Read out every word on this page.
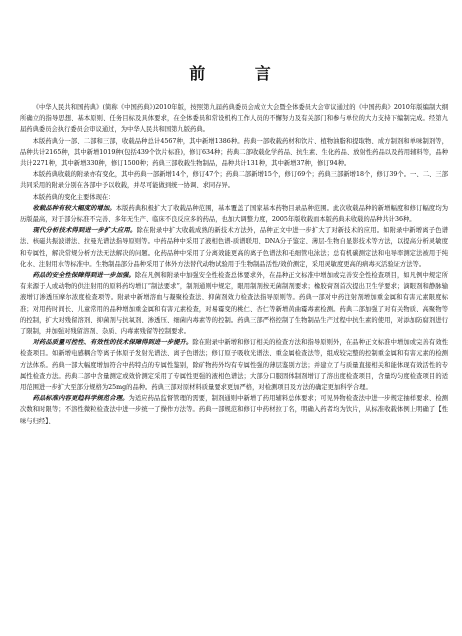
前 言

《中华人民共和国药典》(简称《中国药典》)2010年版，按照第九届药典委员会成立大会暨全体委员大会审议通过的《中国药典》2010年版编制大纲所确立的指导思想、基本原则、任务目标及具体要求，在全体委员和常设机构工作人员的不懈努力及有关部门和参与单位的大力支持下编制完成。经第九届药典委员会执行委员会审议通过，为中华人民共和国第九版药典。

本版药典分一部、二部和三部，收载品种总计4567种，其中新增1386种。药典一部收载药材和饮片、植物油脂和提取物、成方制剂和单味制剂等，品种共计2165种，其中新增1019种(包括439个饮片标准)，修订634种；药典二部收载化学药品、抗生素、生化药品、放射性药品以及药用辅料等，品种共计2271种，其中新增330种，修订1500种；药典三部收载生物制品，品种共计131种，其中新增37种，修订94种。

本版药典收载的附录亦有变化，其中药典一部新增14个，修订47个；药典二部新增15个，修订69个；药典三部新增18个，修订39个。一、二、三部共同采用的附录分别在各部中予以收载，并尽可能做到统一协调、求同存异。

本版药典的变化主要体现在：

收载品种有较大幅度的增加。本版药典积极扩大了收载品种范围，基本覆盖了国家基本药物目录品种范围。此次收载品种的新增幅度和修订幅度均为历版最高，对于部分标准不完善、多年无生产、临床不良反应多的药品，也加大调整力度，2005年版收载而本版药典未收载的品种共计36种。

现代分析技术得到进一步扩大应用。除在附录中扩大收载成熟的新技术方法外，品种正文中进一步扩大了对新技术的应用。如附录中新增离子色谱法、核磁共振波谱法、拉曼光谱法指导原则等。中药品种中采用了液相色谱-质谱联用、DNA分子鉴定、薄层-生物自显影技术等方法，以提高分析灵敏度和专属性，解决常规分析方法无法解决的问题。化药品种中采用了分离效能更高的离子色谱法和毛细管电泳法；总有机碳测定法和电导率测定法被用于纯化水、注射用水等标准中。生物制品部分品种采用了体外方法替代动物试验用于生物制品活性/效价测定，采用灵敏度更高的病毒灭活验证方法等。

药品的安全性保障得到进一步加强。除在凡例和附录中加强安全性检查总体要求外，在品种正文标准中增加或完善安全性检查项目，如凡例中规定所有来源于人或动物的供注射用的原料药均增订“制法要求”，制剂通则中规定，眼用制剂按无菌制剂要求；橡胶膏剂首次提出卫生学要求；滴眼剂和静脉输液增订渗透压摩尔浓度检查项等。附录中新增溶血与凝聚检查法、抑菌剂效力检查法指导原则等。药典一部对中药注射剂增加重金属和有害元素限度标准；对用药时间长、儿童常用的品种增加重金属和有害元素检查，对易霉变的桃仁、杏仁等新增黄曲霉毒素检测。药典二部加强了对有关物质、高聚物等的控制，扩大对残留溶剂、抑菌剂与抗氧剂、渗透压、细菌内毒素等的控制。药典三部严格控制了生物制品生产过程中抗生素的使用，对添加防腐剂进行了限制，并加强对残留溶剂、杂质、内毒素残留等控制要求。

对药品质量可控性、有效性的技术保障得到进一步提升。除在附录中新增和修订相关的检查方法和指导原则外，在品种正文标准中增加或完善有效性检查项目。如新增电感耦合等离子体原子发射光谱法、离子色谱法；修订原子吸收光谱法、重金属检查法等，组成较完整的控制重金属和有害元素的检测方法体系。药典一部大幅度增加符合中药特点的专属性鉴别，除矿物药外均有专属性强的薄层鉴别方法；并建立了与质量直接相关和能体现有效活性的专属性检查方法。药典二部中含量测定或效价测定采用了专属性更强的液相色谱法；大部分口服固体制剂增订了溶出度检查项目，含量均匀度检查项目的适用范围进一步扩大至部分规格为25mg的品种。药典三部对原材料质量要求更加严格，对检测项目及方法的确定更加科学合理。

药品标准内容更趋科学规范合理。为适应药品监督管理的需要，制剂通则中新增了药用辅料总体要求；可见异物检查法中进一步规定抽样要求、检测次数和时限等；不溶性微粒检查法中进一步统一了操作方法等。药典一部规范和修订中药材拉丁名，明确入药者均为饮片，从标准收载体例上明确了【性味与归经】、
